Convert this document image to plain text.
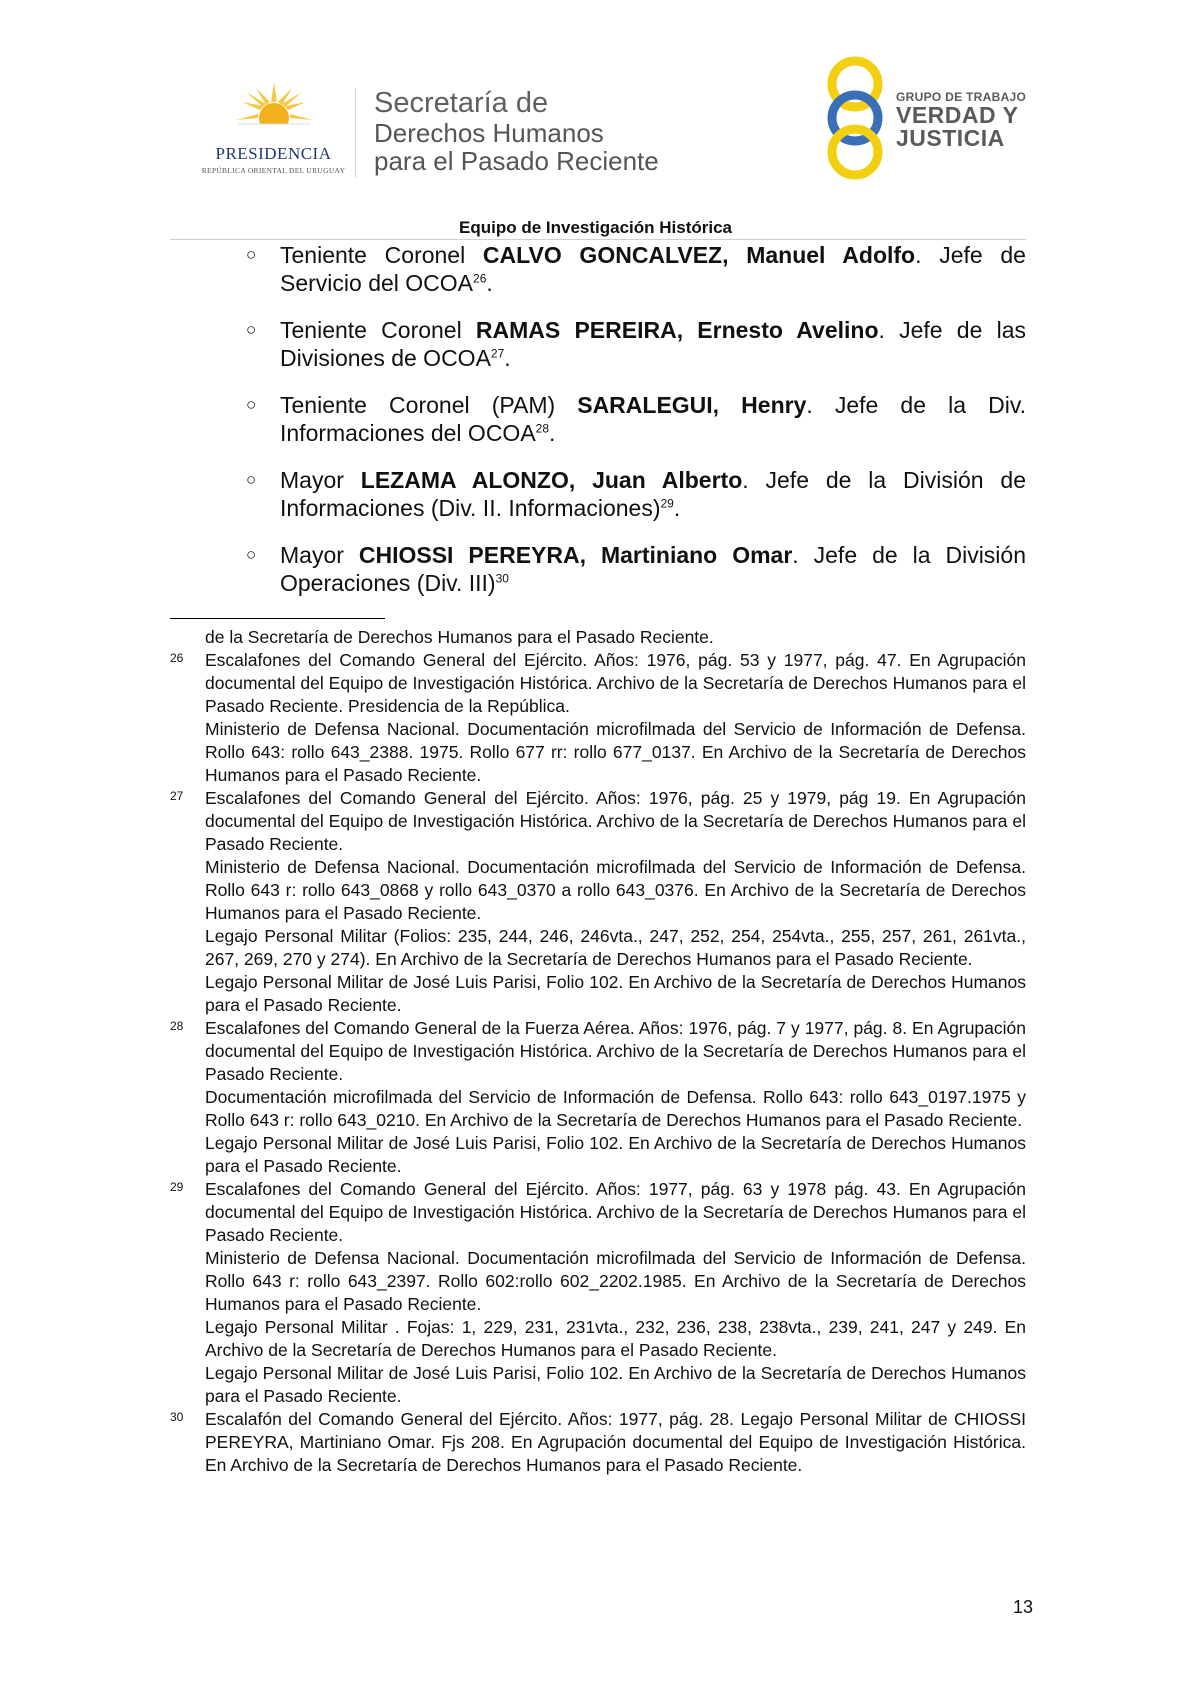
PRESIDENCIA
REPÚBLICA ORIENTAL DEL URUGUAY
Secretaría de
Derechos Humanos
para el Pasado Reciente
GRUPO DE TRABAJO
VERDAD Y
JUSTICIA
Equipo de Investigación Histórica
○ Teniente Coronel CALVO GONCALVEZ, Manuel Adolfo. Jefe de Servicio del OCOA$^{26}$.
○ Teniente Coronel RAMAS PEREIRA, Ernesto Avelino. Jefe de las Divisiones de OCOA$^{27}$.
○ Teniente Coronel (PAM) SARALEGUI, Henry. Jefe de la Div. Informaciones del OCOA$^{28}$.
○ Mayor LEZAMA ALONZO, Juan Alberto. Jefe de la División de Informaciones (Div. II. Informaciones)$^{29}$.
○ Mayor CHIOSSI PEREYRA, Martiniano Omar. Jefe de la División Operaciones (Div. III)$^{30}$

de la Secretaría de Derechos Humanos para el Pasado Reciente.

26 Escalafones del Comando General del Ejército. Años: 1976, pág. 53 y 1977, pág. 47. En Agrupación documental del Equipo de Investigación Histórica. Archivo de la Secretaría de Derechos Humanos para el Pasado Reciente. Presidencia de la República.

Ministerio de Defensa Nacional. Documentación microfilmada del Servicio de Información de Defensa. Rollo 643: rollo 643_2388. 1975. Rollo 677 rr: rollo 677_0137. En Archivo de la Secretaría de Derechos Humanos para el Pasado Reciente.

27 Escalafones del Comando General del Ejército. Años: 1976, pág. 25 y 1979, pág 19. En Agrupación documental del Equipo de Investigación Histórica. Archivo de la Secretaría de Derechos Humanos para el Pasado Reciente.

Ministerio de Defensa Nacional. Documentación microfilmada del Servicio de Información de Defensa. Rollo 643 r: rollo 643_0868 y rollo 643_0370 a rollo 643_0376. En Archivo de la Secretaría de Derechos Humanos para el Pasado Reciente.

Legajo Personal Militar (Folios: 235, 244, 246, 246vta., 247, 252, 254, 254vta., 255, 257, 261, 261vta., 267, 269, 270 y 274). En Archivo de la Secretaría de Derechos Humanos para el Pasado Reciente.

Legajo Personal Militar de José Luis Parisi, Folio 102. En Archivo de la Secretaría de Derechos Humanos para el Pasado Reciente.

28 Escalafones del Comando General de la Fuerza Aérea. Años: 1976, pág. 7 y 1977, pág. 8. En Agrupación documental del Equipo de Investigación Histórica. Archivo de la Secretaría de Derechos Humanos para el Pasado Reciente.

Documentación microfilmada del Servicio de Información de Defensa. Rollo 643: rollo 643_0197.1975 y Rollo 643 r: rollo 643_0210. En Archivo de la Secretaría de Derechos Humanos para el Pasado Reciente.

Legajo Personal Militar de José Luis Parisi, Folio 102. En Archivo de la Secretaría de Derechos Humanos para el Pasado Reciente.

29 Escalafones del Comando General del Ejército. Años: 1977, pág. 63 y 1978 pág. 43. En Agrupación documental del Equipo de Investigación Histórica. Archivo de la Secretaría de Derechos Humanos para el Pasado Reciente.

Ministerio de Defensa Nacional. Documentación microfilmada del Servicio de Información de Defensa. Rollo 643 r: rollo 643_2397. Rollo 602:rollo 602_2202.1985. En Archivo de la Secretaría de Derechos Humanos para el Pasado Reciente.

Legajo Personal Militar . Fojas: 1, 229, 231, 231vta., 232, 236, 238, 238vta., 239, 241, 247 y 249. En Archivo de la Secretaría de Derechos Humanos para el Pasado Reciente.

Legajo Personal Militar de José Luis Parisi, Folio 102. En Archivo de la Secretaría de Derechos Humanos para el Pasado Reciente.

30 Escalafón del Comando General del Ejército. Años: 1977, pág. 28. Legajo Personal Militar de CHIOSSI PEREYRA, Martiniano Omar. Fjs 208. En Agrupación documental del Equipo de Investigación Histórica. En Archivo de la Secretaría de Derechos Humanos para el Pasado Reciente.

13
